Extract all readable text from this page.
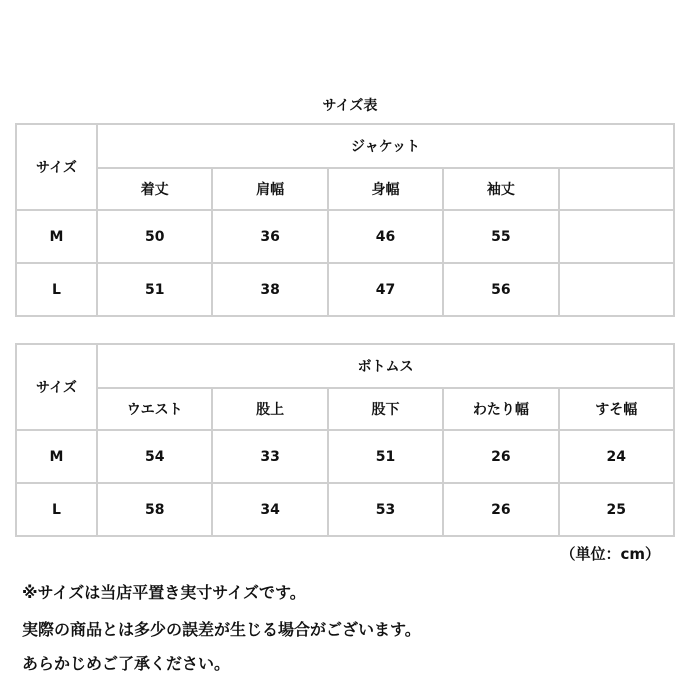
サイズ表
サイズ	ジャケット				
	着丈	肩幅	身幅	袖丈	
M	50	36	46	55	
L	51	38	47	56	
サイズ	ボトムス				
	ウエスト	股上	股下	わたり幅	すそ幅
M	54	33	51	26	24
L	58	34	53	26	25
（単位：cm）
※サイズは当店平置き実寸サイズです。
実際の商品とは多少の誤差が生じる場合がございます。
あらかじめご了承ください。
